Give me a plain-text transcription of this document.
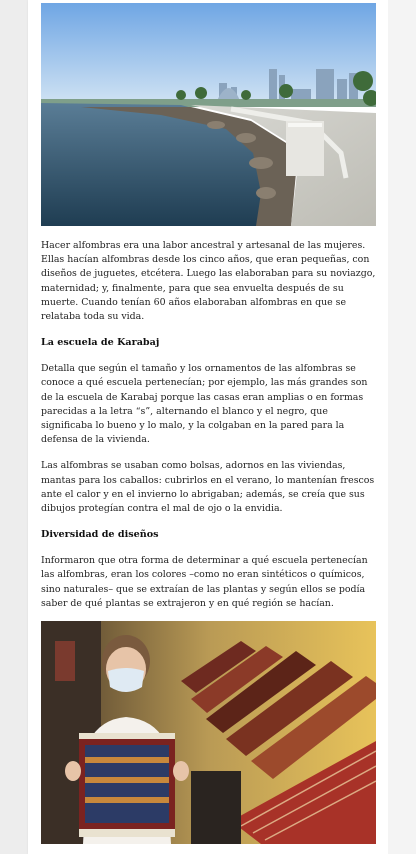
Hacer alfombras era una labor ancestral y artesanal de las mujeres. Ellas hacían alfombras desde los cinco años, que eran pequeñas, con diseños de juguetes, etcétera. Luego las elaboraban para su noviazgo, maternidad; y, finalmente, para que sea envuelta después de su muerte. Cuando tenían 60 años elaboraban alfombras en que se relataba toda su vida.

La escuela de Karabaj

Detalla que según el tamaño y los ornamentos de las alfombras se conoce a qué escuela pertenecían; por ejemplo, las más grandes son de la escuela de Karabaj porque las casas eran amplias o en formas parecidas a la letra “s”, alternando el blanco y el negro, que significaba lo bueno y lo malo, y la colgaban en la pared para la defensa de la vivienda.

Las alfombras se usaban como bolsas, adornos en las viviendas, mantas para los caballos: cubrirlos en el verano, lo mantenían frescos ante el calor y en el invierno lo abrigaban; además, se creía que sus dibujos protegían contra el mal de ojo o la envidia.

Diversidad de diseños

Informaron que otra forma de determinar a qué escuela pertenecían las alfombras, eran los colores –como no eran sintéticos o químicos, sino naturales– que se extraían de las plantas y según ellos se podía saber de qué plantas se extrajeron y en qué región se hacían.
